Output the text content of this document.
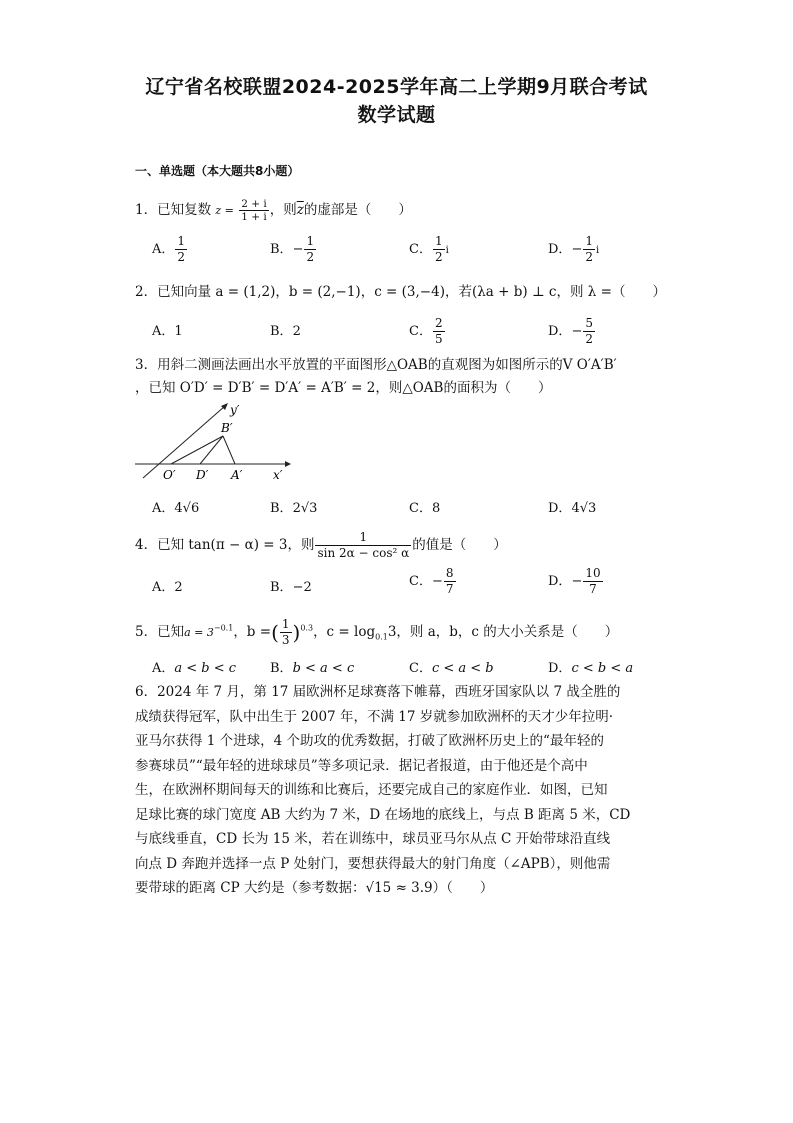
辽宁省名校联盟2024-2025学年高二上学期9月联合考试
数学试题
一、单选题（本大题共8小题）
1．已知复数 $z = \frac{2 + i}{1 + i}$ ，则$\overline{z}$的虚部是（　　）
A． $\frac{1}{2}$	B．− $\frac{1}{2}$	C． $\frac{1}{2}$ i	D．− $\frac{1}{2}$ i
2．已知向量 a = (1,2)，b = (2,−1)，c = (3,−4)，若(λa + b) ⊥ c，则 λ =（　　）
A．1	B．2	C． $\frac{2}{5}$	D．− $\frac{5}{2}$
3．用斜二测画法画出水平放置的平面图形△OAB的直观图为如图所示的V O′A′B′
，已知 O′D′ = D′B′ = D′A′ = A′B′ = 2，则△OAB的面积为（　　）
y′
B′
O′ D′ A′	x′
A．4√6	B．2√3	C．8	D．4√3
4．已知 tan(π − α) = 3，则 $\frac{1}{\text{sin 2α − cos² α}}$ 的值是（　　）
A．2	B．−2	C．− $\frac{8}{7}$	D．− $\frac{10}{7}$
5．已知$a = 3^{-0.1}$，b =( $\frac{1}{3} )^{0.3}$，$c = \log_{0.1}3$，则 a，b，c 的大小关系是（　　）
A．a < b < c	B．b < a < c	C．c < a < b	D．c < b < a

6．2024 年 7 月，第 17 届欧洲杯足球赛落下帷幕，西班牙国家队以 7 战全胜的

成绩获得冠军，队中出生于 2007 年，不满 17 岁就参加欧洲杯的天才少年拉明·

亚马尔获得 1 个进球，4 个助攻的优秀数据，打破了欧洲杯历史上的“最年轻的

参赛球员”“最年轻的进球球员”等多项记录．据记者报道，由于他还是个高中

生，在欧洲杯期间每天的训练和比赛后，还要完成自己的家庭作业．如图，已知

足球比赛的球门宽度 AB 大约为 7 米，D 在场地的底线上，与点 B 距离 5 米，CD

与底线垂直，CD 长为 15 米，若在训练中，球员亚马尔从点 C 开始带球沿直线

向点 D 奔跑并选择一点 P 处射门，要想获得最大的射门角度（∠APB），则他需

要带球的距离 CP 大约是（参考数据：√15 ≈ 3.9）（　　）
